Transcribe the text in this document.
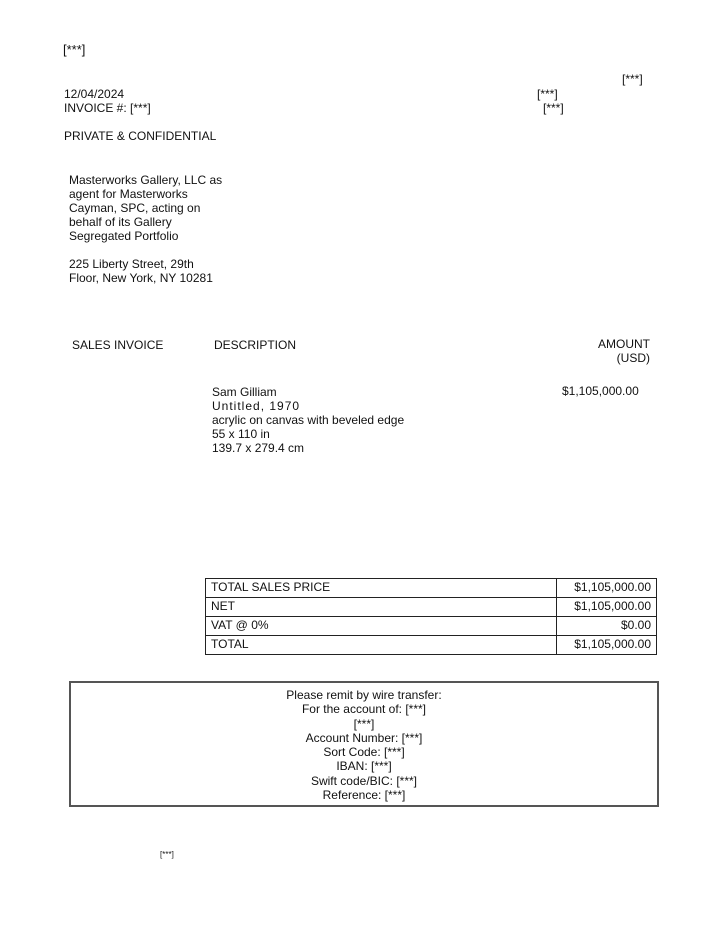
[***]
[***]
12/04/2024
INVOICE #: [***]
[***]
[***]
PRIVATE & CONFIDENTIAL
Masterworks Gallery, LLC as
agent for Masterworks
Cayman, SPC, acting on
behalf of its Gallery
Segregated Portfolio
225 Liberty Street, 29th
Floor, New York, NY 10281
SALES INVOICE	DESCRIPTION	AMOUNT
(USD)
Sam Gilliam
Untitled, 1970
acrylic on canvas with beveled edge
55 x 110 in
139.7 x 279.4 cm
$1,105,000.00
TOTAL SALES PRICE	$1,105,000.00
NET	$1,105,000.00
VAT @ 0%	$0.00
TOTAL	$1,105,000.00
Please remit by wire transfer:
For the account of: [***]
[***]
Account Number: [***]
Sort Code: [***]
IBAN: [***]
Swift code/BIC: [***]
Reference: [***]
[***]
